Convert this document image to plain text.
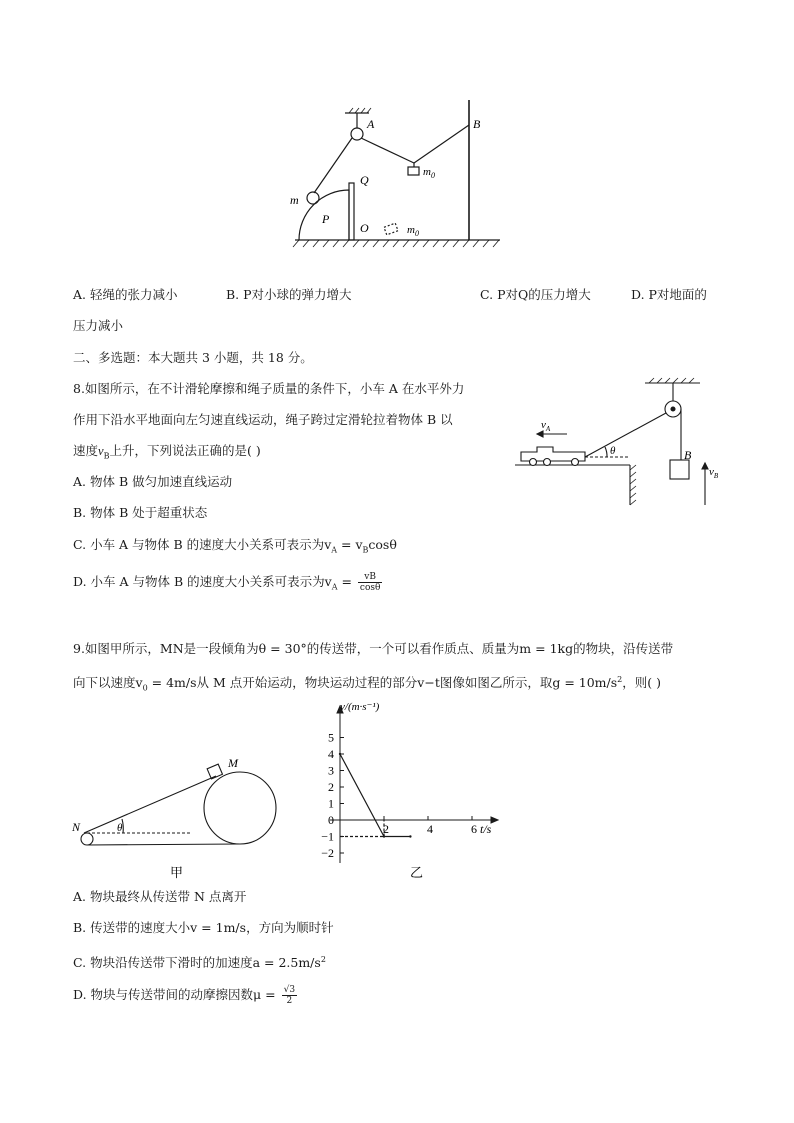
A	B
Q
m
P
O
$m_0$
$m_0$
A. 轻绳的张力减小	B. P对小球的弹力增大	C. P对Q的压力增大	D. P对地面的
压力减小
二、多选题：本大题共 3 小题，共 18 分。
8.如图所示，在不计滑轮摩擦和绳子质量的条件下，小车 A 在水平外力
作用下沿水平地面向左匀速直线运动，绳子跨过定滑轮拉着物体 B 以
速度$v_B$上升，下列说法正确的是( )
$v_A$
θ	B
$v_B$
A. 物体 B 做匀加速直线运动
B. 物体 B 处于超重状态
C. 小车 A 与物体 B 的速度大小关系可表示为$v_A = v_B\cos\theta$
D. 小车 A 与物体 B 的速度大小关系可表示为$v_A = \frac{vB}{\cos\theta}$
9.如图甲所示，MN是一段倾角为θ = 30°的传送带，一个可以看作质点、质量为m = 1kg的物块，沿传送带
向下以速度$v_0 = 4m/s$从 M 点开始运动，物块运动过程的部分v−t图像如图乙所示，取$g = 10m/s^2$，则( )
M
N	θ
甲
−2
−1
0
1
2
3
4
5
2	4	6
v/(m·s⁻¹)
t/s
乙
A. 物块最终从传送带 N 点离开
B. 传送带的速度大小v = 1m/s，方向为顺时针
C. 物块沿传送带下滑时的加速度$a = 2.5m/s^2$
D. 物块与传送带间的动摩擦因数$\mu = \frac{√3}{2}$
